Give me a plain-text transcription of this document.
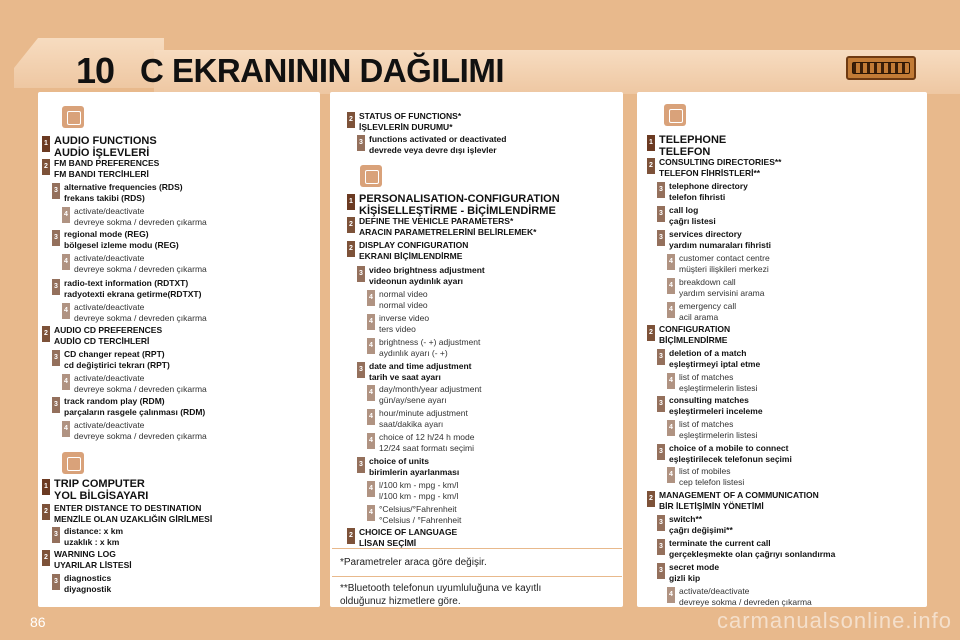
10 C EKRANININ DAĞILIMI
1 AUDIO FUNCTIONS
AUDİO İŞLEVLERİ
2 FM BAND PREFERENCES
FM BANDI TERCİHLERİ
3 alternative frequencies (RDS)
frekans takibi (RDS)
4 activate/deactivate
devreye sokma / devreden çıkarma
3 regional mode (REG)
bölgesel izleme modu (REG)
4 activate/deactivate
devreye sokma / devreden çıkarma
3 radio-text information (RDTXT)
radyotexti ekrana getirme(RDTXT)
4 activate/deactivate
devreye sokma / devreden çıkarma
2 AUDIO CD PREFERENCES
AUDİO CD TERCİHLERİ
3 CD changer repeat (RPT)
cd değiştirici tekrarı (RPT)
4 activate/deactivate
devreye sokma / devreden çıkarma
3 track random play (RDM)
parçaların rasgele çalınması (RDM)
4 activate/deactivate
devreye sokma / devreden çıkarma
1 TRIP COMPUTER
YOL BİLGİSAYARI
2 ENTER DISTANCE TO DESTINATION
MENZİLE OLAN UZAKLIĞIN GİRİLMESİ
3 distance: x km
uzaklık : x km
2 WARNING LOG
UYARILAR LİSTESİ
3 diagnostics
diyagnostik
2 STATUS OF FUNCTIONS*
İŞLEVLERİN DURUMU*
3 functions activated or deactivated
devrede veya devre dışı işlevler
1 PERSONALISATION-CONFIGURATION
KİŞİSELLEŞTİRME - BİÇİMLENDİRME
2 DEFINE THE VEHICLE PARAMETERS*
ARACIN PARAMETRELERİNİ BELİRLEMEK*
2 DISPLAY CONFIGURATION
EKRANI BİÇİMLENDİRME
3 video brightness adjustment
videonun aydınlık ayarı
4 normal video
normal video
4 inverse video
ters video
4 brightness (- +) adjustment
aydınlık ayarı (- +)
3 date and time adjustment
tarih ve saat ayarı
4 day/month/year adjustment
gün/ay/sene ayarı
4 hour/minute adjustment
saat/dakika ayarı
4 choice of 12 h/24 h mode
12/24 saat formatı seçimi
3 choice of units
birimlerin ayarlanması
4 l/100 km - mpg - km/l
l/100 km - mpg - km/l
4 °Celsius/°Fahrenheit
°Celsius / °Fahrenheit
2 CHOICE OF LANGUAGE
LİSAN SEÇİMİ
1 TELEPHONE
TELEFON
2 CONSULTING DIRECTORIES**
TELEFON FİHRİSTLERİ**
3 telephone directory
telefon fihristi
3 call log
çağrı listesi
3 services directory
yardım numaraları fihristi
4 customer contact centre
müşteri ilişkileri merkezi
4 breakdown call
yardım servisini arama
4 emergency call
acil arama
2 CONFIGURATION
BİÇİMLENDİRME
3 deletion of a match
eşleştirmeyi iptal etme
4 list of matches
eşleştirmelerin listesi
3 consulting matches
eşleştirmeleri inceleme
4 list of matches
eşleştirmelerin listesi
3 choice of a mobile to connect
eşleştirilecek telefonun seçimi
4 list of mobiles
cep telefon listesi
2 MANAGEMENT OF A COMMUNICATION
BİR İLETİŞİMİN YÖNETİMİ
3 switch**
çağrı değişimi**
3 terminate the current call
gerçekleşmekte olan çağrıyı sonlandırma
3 secret mode
gizli kip
4 activate/deactivate
devreye sokma / devreden çıkarma
*Parametreler araca göre değişir.
**Bluetooth telefonun uyumluluğuna ve kayıtlı
olduğunuz hizmetlere göre.
86	carmanualsonline.info
